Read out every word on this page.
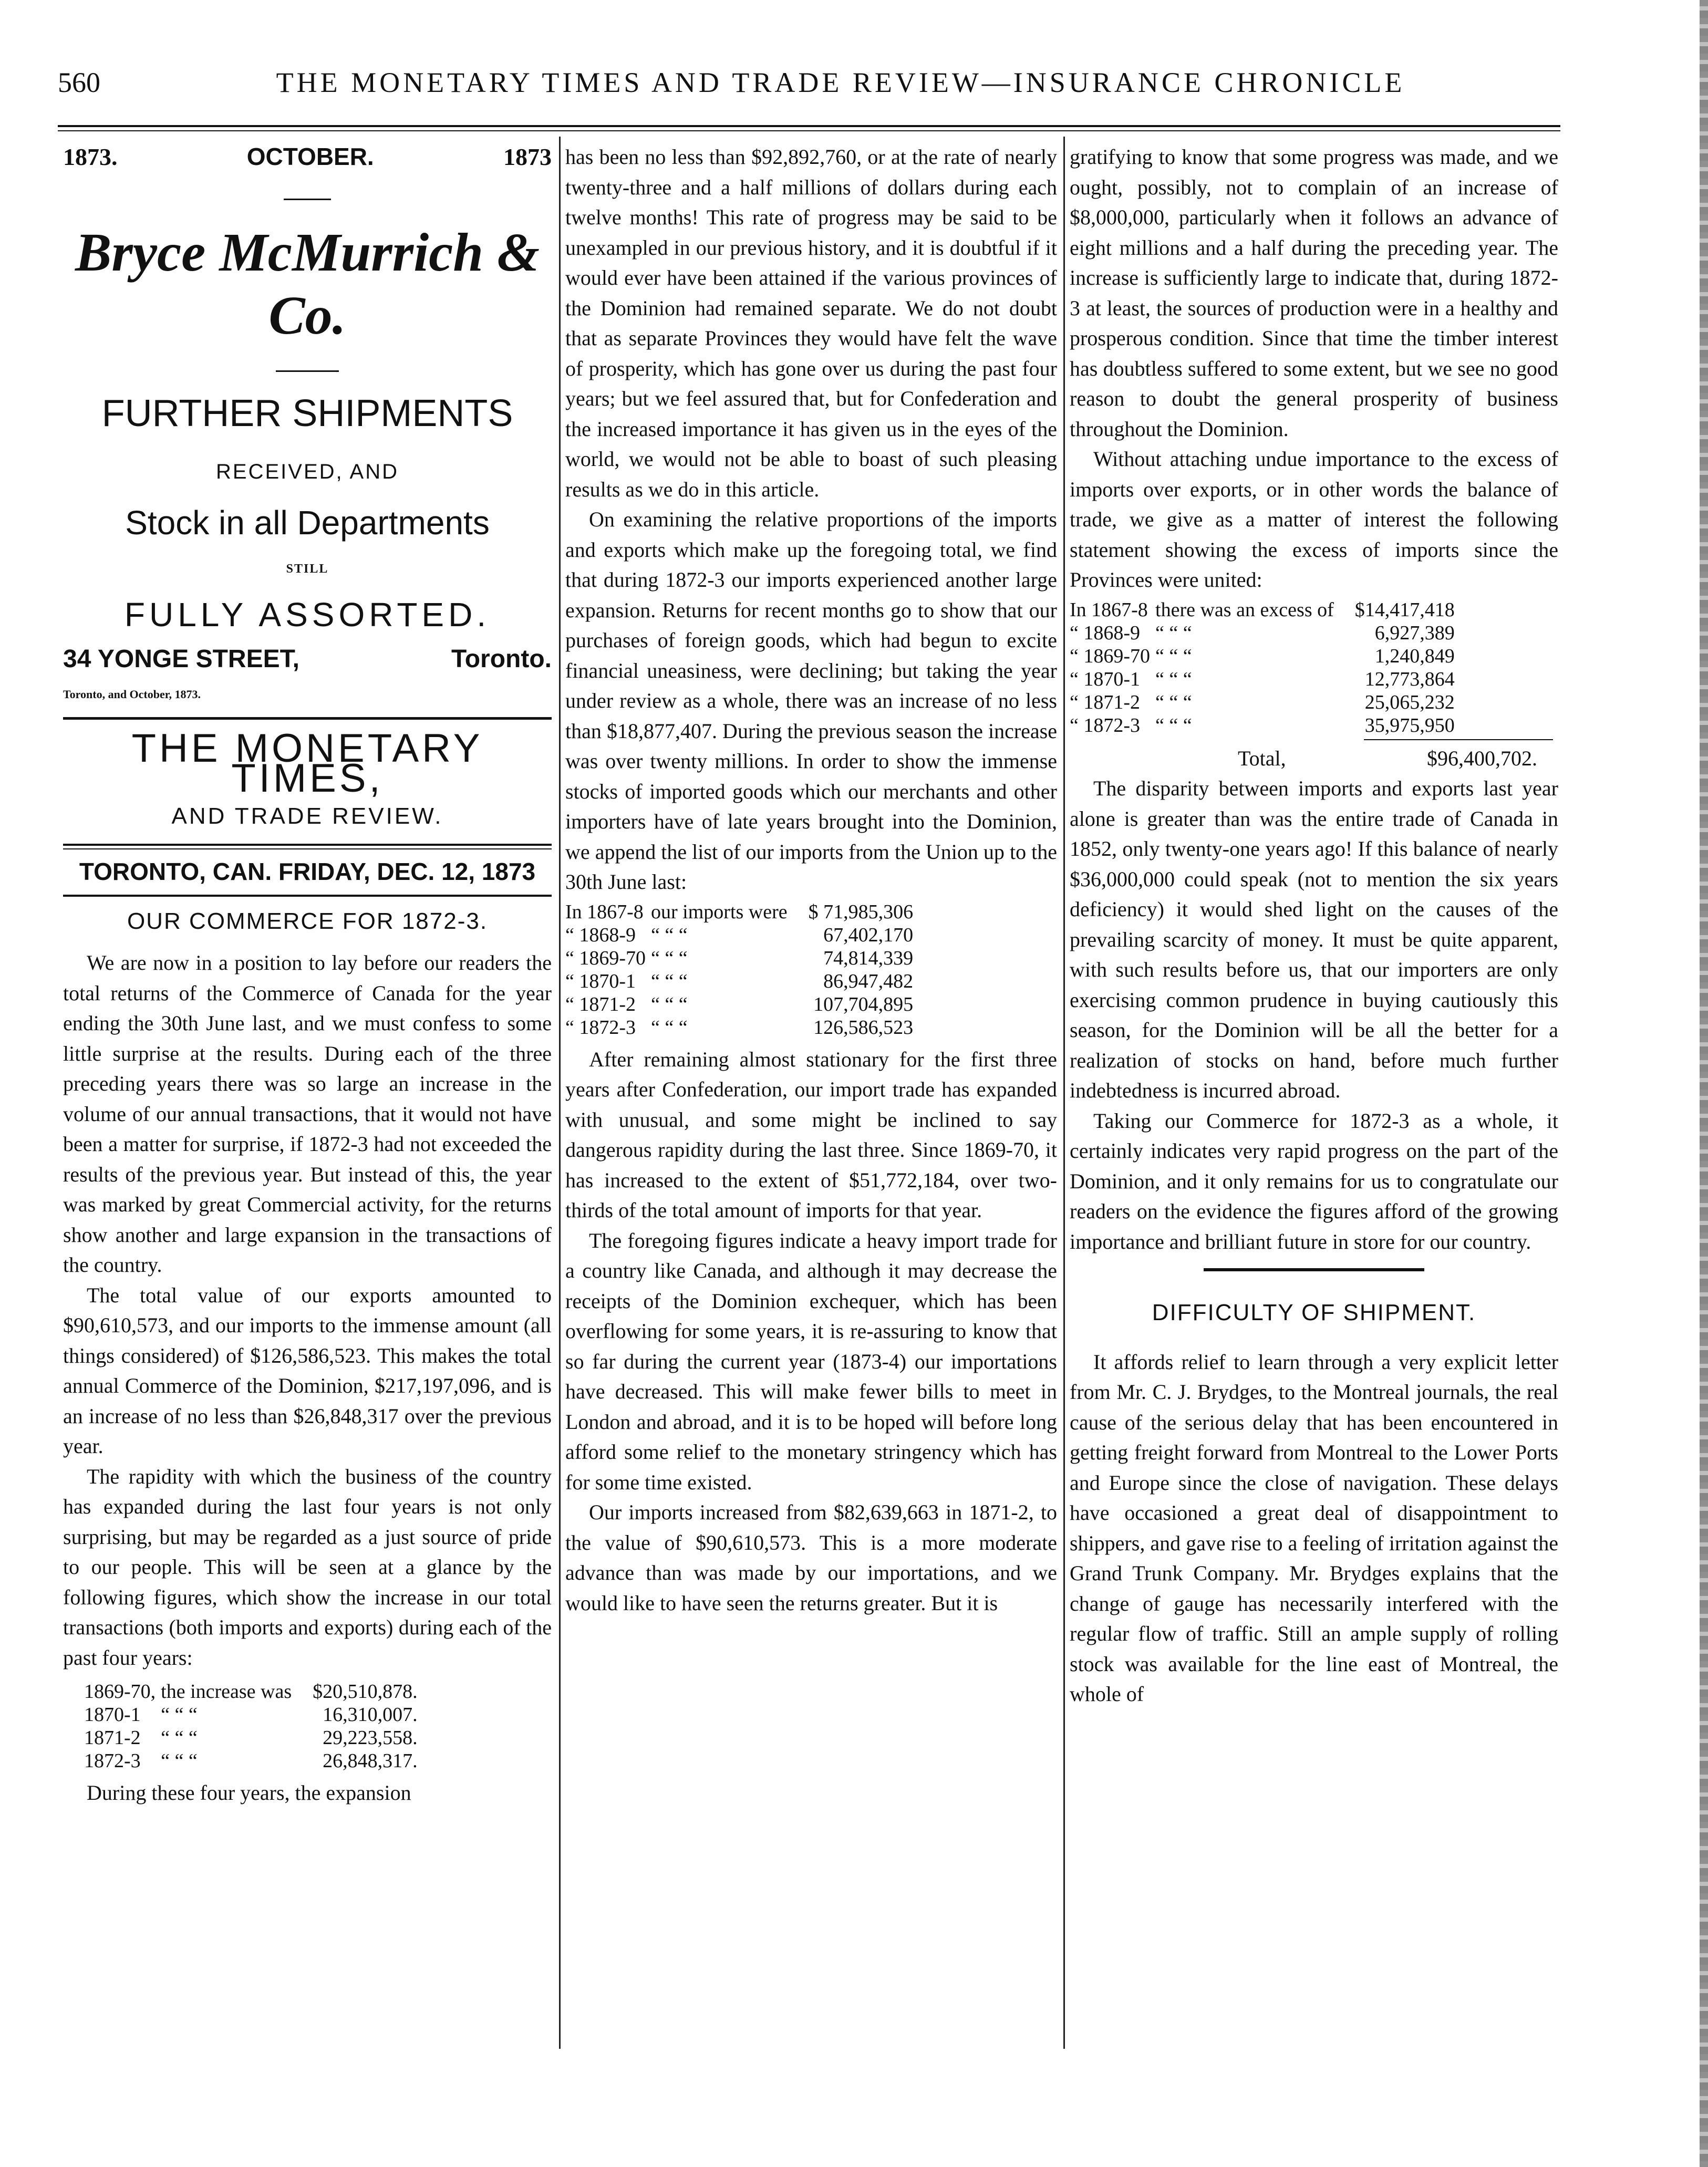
560	THE MONETARY TIMES AND TRADE REVIEW—INSURANCE CHRONICLE
1873.	OCTOBER.	1873
Bryce McMurrich & Co.
FURTHER SHIPMENTS
RECEIVED, AND
Stock in all Departments
STILL
FULLY ASSORTED.
34 YONGE STREET,	Toronto.
Toronto, and October, 1873.
THE MONETARY TIMES,
AND TRADE REVIEW.
TORONTO, CAN. FRIDAY, DEC. 12, 1873
OUR COMMERCE FOR 1872-3.

We are now in a position to lay before our readers the total returns of the Commerce of Canada for the year ending the 30th June last, and we must confess to some little surprise at the results. During each of the three preceding years there was so large an increase in the volume of our annual transactions, that it would not have been a matter for surprise, if 1872-3 had not exceeded the results of the previous year. But instead of this, the year was marked by great Commercial activity, for the returns show another and large expansion in the transactions of the country.

The total value of our exports amounted to $90,610,573, and our imports to the immense amount (all things considered) of $126,586,523. This makes the total annual Commerce of the Dominion, $217,197,096, and is an increase of no less than $26,848,317 over the previous year.

The rapidity with which the business of the country has expanded during the last four years is not only surprising, but may be regarded as a just source of pride to our people. This will be seen at a glance by the following figures, which show the increase in our total transactions (both imports and exports) during each of the past four years:

1869-70,	the increase was	$20,510,878.
1870-1	“ “ “	16,310,007.
1871-2	“ “ “	29,223,558.
1872-3	“ “ “	26,848,317.

During these four years, the expansion

has been no less than $92,892,760, or at the rate of nearly twenty-three and a half millions of dollars during each twelve months! This rate of progress may be said to be unexampled in our previous history, and it is doubtful if it would ever have been attained if the various provinces of the Dominion had remained separate. We do not doubt that as separate Provinces they would have felt the wave of prosperity, which has gone over us during the past four years; but we feel assured that, but for Confederation and the increased importance it has given us in the eyes of the world, we would not be able to boast of such pleasing results as we do in this article.

On examining the relative proportions of the imports and exports which make up the foregoing total, we find that during 1872-3 our imports experienced another large expansion. Returns for recent months go to show that our purchases of foreign goods, which had begun to excite financial uneasiness, were declining; but taking the year under review as a whole, there was an increase of no less than $18,877,407. During the previous season the increase was over twenty millions. In order to show the immense stocks of imported goods which our merchants and other importers have of late years brought into the Dominion, we append the list of our imports from the Union up to the 30th June last:

In 1867-8	our imports were	$ 71,985,306
“ 1868-9	“ “ “	67,402,170
“ 1869-70	“ “ “	74,814,339
“ 1870-1	“ “ “	86,947,482
“ 1871-2	“ “ “	107,704,895
“ 1872-3	“ “ “	126,586,523

After remaining almost stationary for the first three years after Confederation, our import trade has expanded with unusual, and some might be inclined to say dangerous rapidity during the last three. Since 1869-70, it has increased to the extent of $51,772,184, over two-thirds of the total amount of imports for that year.

The foregoing figures indicate a heavy import trade for a country like Canada, and although it may decrease the receipts of the Dominion exchequer, which has been overflowing for some years, it is re-assuring to know that so far during the current year (1873-4) our importations have decreased. This will make fewer bills to meet in London and abroad, and it is to be hoped will before long afford some relief to the monetary stringency which has for some time existed.

Our imports increased from $82,639,663 in 1871-2, to the value of $90,610,573. This is a more moderate advance than was made by our importations, and we would like to have seen the returns greater. But it is

gratifying to know that some progress was made, and we ought, possibly, not to complain of an increase of $8,000,000, particularly when it follows an advance of eight millions and a half during the preceding year. The increase is sufficiently large to indicate that, during 1872-3 at least, the sources of production were in a healthy and prosperous condition. Since that time the timber interest has doubtless suffered to some extent, but we see no good reason to doubt the general prosperity of business throughout the Dominion.

Without attaching undue importance to the excess of imports over exports, or in other words the balance of trade, we give as a matter of interest the following statement showing the excess of imports since the Provinces were united:

In 1867-8	there was an excess of	$14,417,418
“ 1868-9	“ “ “	6,927,389
“ 1869-70	“ “ “	1,240,849
“ 1870-1	“ “ “	12,773,864
“ 1871-2	“ “ “	25,065,232
“ 1872-3	“ “ “	35,975,950
Total,	$96,400,702.

The disparity between imports and exports last year alone is greater than was the entire trade of Canada in 1852, only twenty-one years ago! If this balance of nearly $36,000,000 could speak (not to mention the six years deficiency) it would shed light on the causes of the prevailing scarcity of money. It must be quite apparent, with such results before us, that our importers are only exercising common prudence in buying cautiously this season, for the Dominion will be all the better for a realization of stocks on hand, before much further indebtedness is incurred abroad.

Taking our Commerce for 1872-3 as a whole, it certainly indicates very rapid progress on the part of the Dominion, and it only remains for us to congratulate our readers on the evidence the figures afford of the growing importance and brilliant future in store for our country.

DIFFICULTY OF SHIPMENT.

It affords relief to learn through a very explicit letter from Mr. C. J. Brydges, to the Montreal journals, the real cause of the serious delay that has been encountered in getting freight forward from Montreal to the Lower Ports and Europe since the close of navigation. These delays have occasioned a great deal of disappointment to shippers, and gave rise to a feeling of irritation against the Grand Trunk Company. Mr. Brydges explains that the change of gauge has necessarily interfered with the regular flow of traffic. Still an ample supply of rolling stock was available for the line east of Montreal, the whole of
